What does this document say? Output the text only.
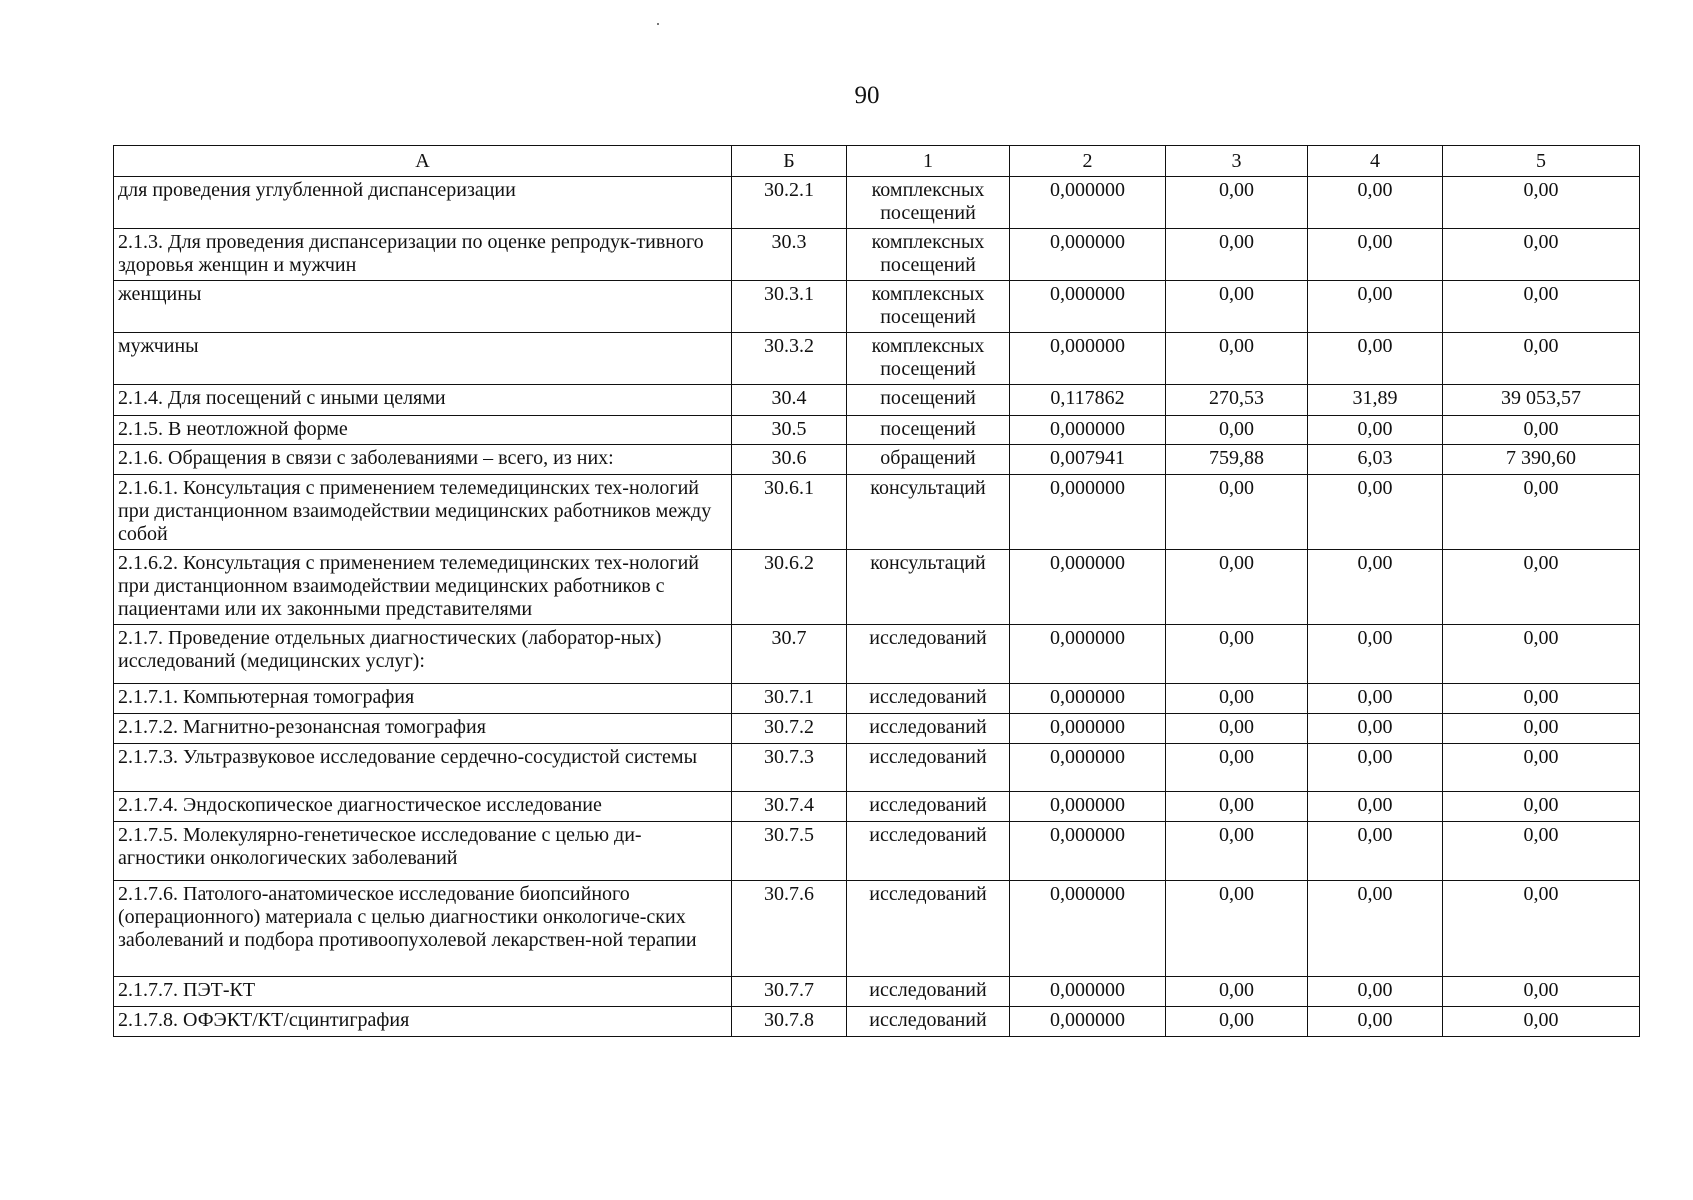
90
А	Б	1	2	3	4	5
для проведения углубленной диспансеризации	30.2.1	комплексных посещений	0,000000	0,00	0,00	0,00
2.1.3. Для проведения диспансеризации по оценке репродук-тивного здоровья женщин и мужчин	30.3	комплексных посещений	0,000000	0,00	0,00	0,00
женщины	30.3.1	комплексных посещений	0,000000	0,00	0,00	0,00
мужчины	30.3.2	комплексных посещений	0,000000	0,00	0,00	0,00
2.1.4. Для посещений с иными целями	30.4	посещений	0,117862	270,53	31,89	39 053,57
2.1.5. В неотложной форме	30.5	посещений	0,000000	0,00	0,00	0,00
2.1.6. Обращения в связи с заболеваниями – всего, из них:	30.6	обращений	0,007941	759,88	6,03	7 390,60
2.1.6.1. Консультация с применением телемедицинских тех-нологий при дистанционном взаимодействии медицинских работников между собой	30.6.1	консультаций	0,000000	0,00	0,00	0,00
2.1.6.2. Консультация с применением телемедицинских тех-нологий при дистанционном взаимодействии медицинских работников с пациентами или их законными представителями	30.6.2	консультаций	0,000000	0,00	0,00	0,00
2.1.7. Проведение отдельных диагностических (лаборатор-ных) исследований (медицинских услуг):	30.7	исследований	0,000000	0,00	0,00	0,00
2.1.7.1. Компьютерная томография	30.7.1	исследований	0,000000	0,00	0,00	0,00
2.1.7.2. Магнитно-резонансная томография	30.7.2	исследований	0,000000	0,00	0,00	0,00
2.1.7.3. Ультразвуковое исследование сердечно-сосудистой системы	30.7.3	исследований	0,000000	0,00	0,00	0,00
2.1.7.4. Эндоскопическое диагностическое исследование	30.7.4	исследований	0,000000	0,00	0,00	0,00
2.1.7.5. Молекулярно-генетическое исследование с целью ди-агностики онкологических заболеваний	30.7.5	исследований	0,000000	0,00	0,00	0,00
2.1.7.6. Патолого-анатомическое исследование биопсийного (операционного) материала с целью диагностики онкологиче-ских заболеваний и подбора противоопухолевой лекарствен-ной терапии	30.7.6	исследований	0,000000	0,00	0,00	0,00
2.1.7.7. ПЭТ-КТ	30.7.7	исследований	0,000000	0,00	0,00	0,00
2.1.7.8. ОФЭКТ/КТ/сцинтиграфия	30.7.8	исследований	0,000000	0,00	0,00	0,00
